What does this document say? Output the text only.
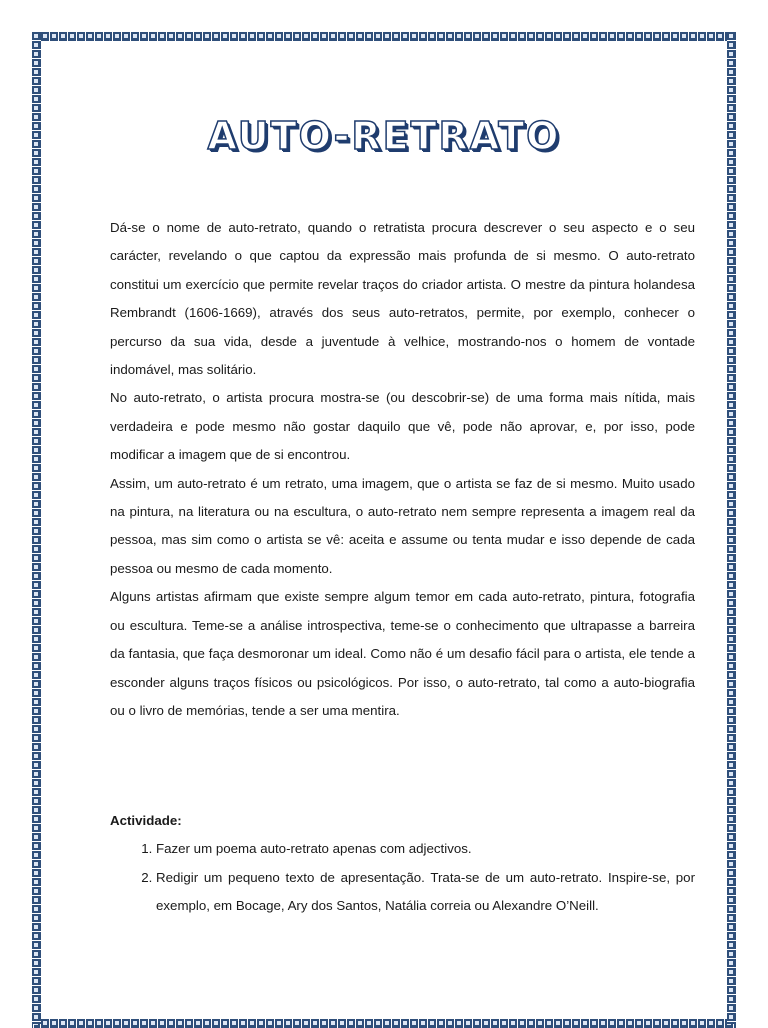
AUTO-RETRATO

Dá-se o nome de auto-retrato, quando o retratista procura descrever o seu aspecto e o seu carácter, revelando o que captou da expressão mais profunda de si mesmo. O auto-retrato constitui um exercício que permite revelar traços do criador artista. O mestre da pintura holandesa Rembrandt (1606-1669), através dos seus auto-retratos, permite, por exemplo, conhecer o percurso da sua vida, desde a juventude à velhice, mostrando-nos o homem de vontade indomável, mas solitário.

No auto-retrato, o artista procura mostra-se (ou descobrir-se) de uma forma mais nítida, mais verdadeira e pode mesmo não gostar daquilo que vê, pode não aprovar, e, por isso, pode modificar a imagem que de si encontrou.

Assim, um auto-retrato é um retrato, uma imagem, que o artista se faz de si mesmo. Muito usado na pintura, na literatura ou na escultura, o auto-retrato nem sempre representa a imagem real da pessoa, mas sim como o artista se vê: aceita e assume ou tenta mudar e isso depende de cada pessoa ou mesmo de cada momento.

Alguns artistas afirmam que existe sempre algum temor em cada auto-retrato, pintura, fotografia ou escultura. Teme-se a análise introspectiva, teme-se o conhecimento que ultrapasse a barreira da fantasia, que faça desmoronar um ideal. Como não é um desafio fácil para o artista, ele tende a esconder alguns traços físicos ou psicológicos. Por isso, o auto-retrato, tal como a auto-biografia ou o livro de memórias, tende a ser uma mentira.

Actividade:

1. Fazer um poema auto-retrato apenas com adjectivos.
2. Redigir um pequeno texto de apresentação. Trata-se de um auto-retrato. Inspire-se, por exemplo, em Bocage, Ary dos Santos, Natália correia ou Alexandre O’Neill.
